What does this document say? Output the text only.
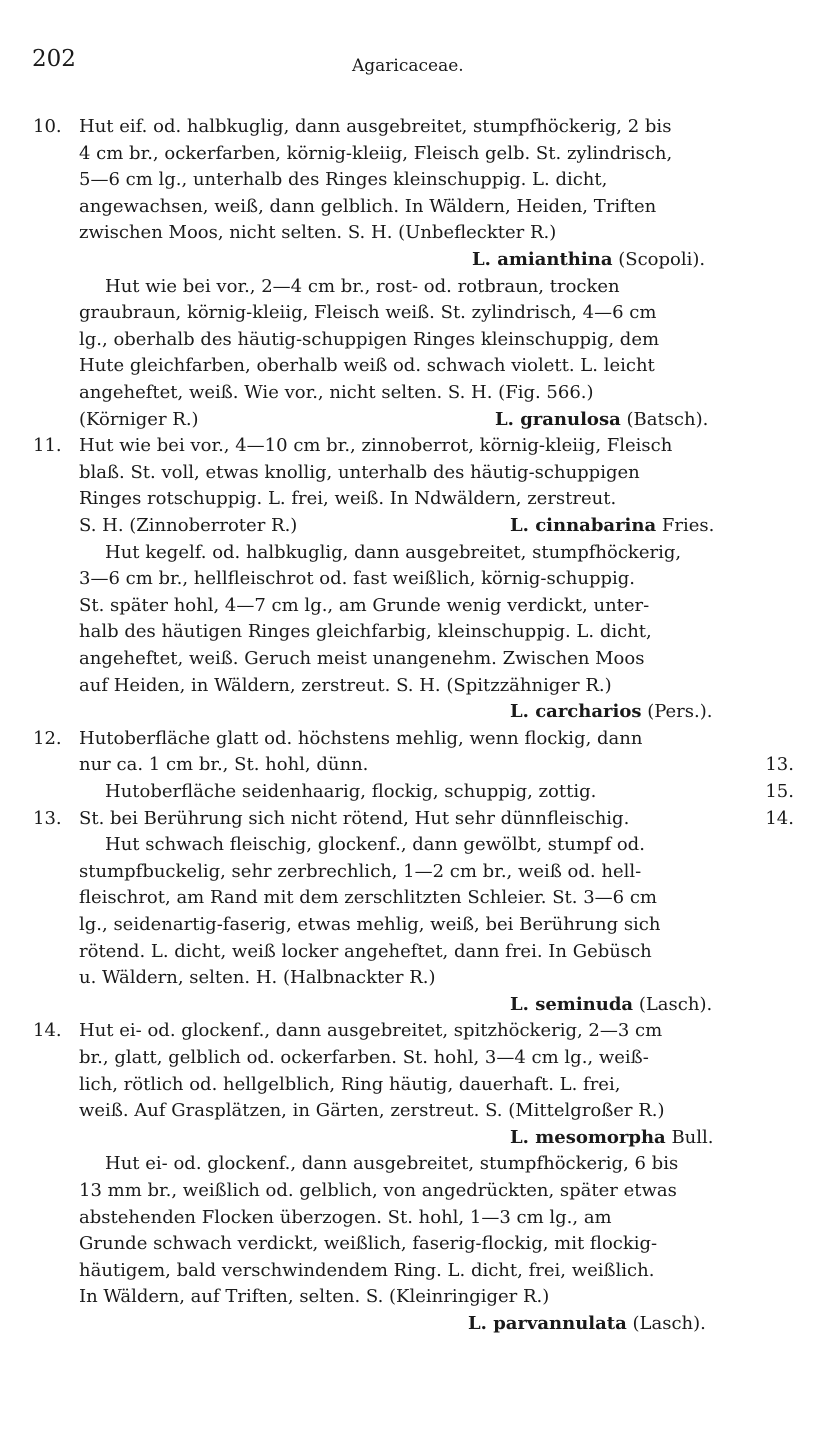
202	Agaricaceae.
10. Hut eif. od. halbkuglig, dann ausgebreitet, stumpfhöckerig, 2 bis
4 cm br., ockerfarben, körnig-kleiig, Fleisch gelb. St. zylindrisch,
5—6 cm lg., unterhalb des Ringes kleinschuppig. L. dicht,
angewachsen, weiß, dann gelblich. In Wäldern, Heiden, Triften
zwischen Moos, nicht selten. S. H. (Unbefleckter R.)
L. amianthina (Scopoli).
Hut wie bei vor., 2—4 cm br., rost- od. rotbraun, trocken
graubraun, körnig-kleiig, Fleisch weiß. St. zylindrisch, 4—6 cm
lg., oberhalb des häutig-schuppigen Ringes kleinschuppig, dem
Hute gleichfarben, oberhalb weiß od. schwach violett. L. leicht
angeheftet, weiß. Wie vor., nicht selten. S. H. (Fig. 566.)
(Körniger R.)	L. granulosa (Batsch).
11. Hut wie bei vor., 4—10 cm br., zinnoberrot, körnig-kleiig, Fleisch
blaß. St. voll, etwas knollig, unterhalb des häutig-schuppigen
Ringes rotschuppig. L. frei, weiß. In Ndwäldern, zerstreut.
S. H. (Zinnoberroter R.)	L. cinnabarina Fries.
Hut kegelf. od. halbkuglig, dann ausgebreitet, stumpfhöckerig,
3—6 cm br., hellfleischrot od. fast weißlich, körnig-schuppig.
St. später hohl, 4—7 cm lg., am Grunde wenig verdickt, unter-
halb des häutigen Ringes gleichfarbig, kleinschuppig. L. dicht,
angeheftet, weiß. Geruch meist unangenehm. Zwischen Moos
auf Heiden, in Wäldern, zerstreut. S. H. (Spitzzähniger R.)
L. carcharios (Pers.).
12. Hutoberfläche glatt od. höchstens mehlig, wenn flockig, dann
nur ca. 1 cm br., St. hohl, dünn.	13.
Hutoberfläche seidenhaarig, flockig, schuppig, zottig.	15.
13. St. bei Berührung sich nicht rötend, Hut sehr dünnfleischig.	14.
Hut schwach fleischig, glockenf., dann gewölbt, stumpf od.
stumpfbuckelig, sehr zerbrechlich, 1—2 cm br., weiß od. hell-
fleischrot, am Rand mit dem zerschlitzten Schleier. St. 3—6 cm
lg., seidenartig-faserig, etwas mehlig, weiß, bei Berührung sich
rötend. L. dicht, weiß locker angeheftet, dann frei. In Gebüsch
u. Wäldern, selten. H. (Halbnackter R.)
L. seminuda (Lasch).
14. Hut ei- od. glockenf., dann ausgebreitet, spitzhöckerig, 2—3 cm
br., glatt, gelblich od. ockerfarben. St. hohl, 3—4 cm lg., weiß-
lich, rötlich od. hellgelblich, Ring häutig, dauerhaft. L. frei,
weiß. Auf Grasplätzen, in Gärten, zerstreut. S. (Mittelgroßer R.)
L. mesomorpha Bull.
Hut ei- od. glockenf., dann ausgebreitet, stumpfhöckerig, 6 bis
13 mm br., weißlich od. gelblich, von angedrückten, später etwas
abstehenden Flocken überzogen. St. hohl, 1—3 cm lg., am
Grunde schwach verdickt, weißlich, faserig-flockig, mit flockig-
häutigem, bald verschwindendem Ring. L. dicht, frei, weißlich.
In Wäldern, auf Triften, selten. S. (Kleinringiger R.)
L. parvannulata (Lasch).
